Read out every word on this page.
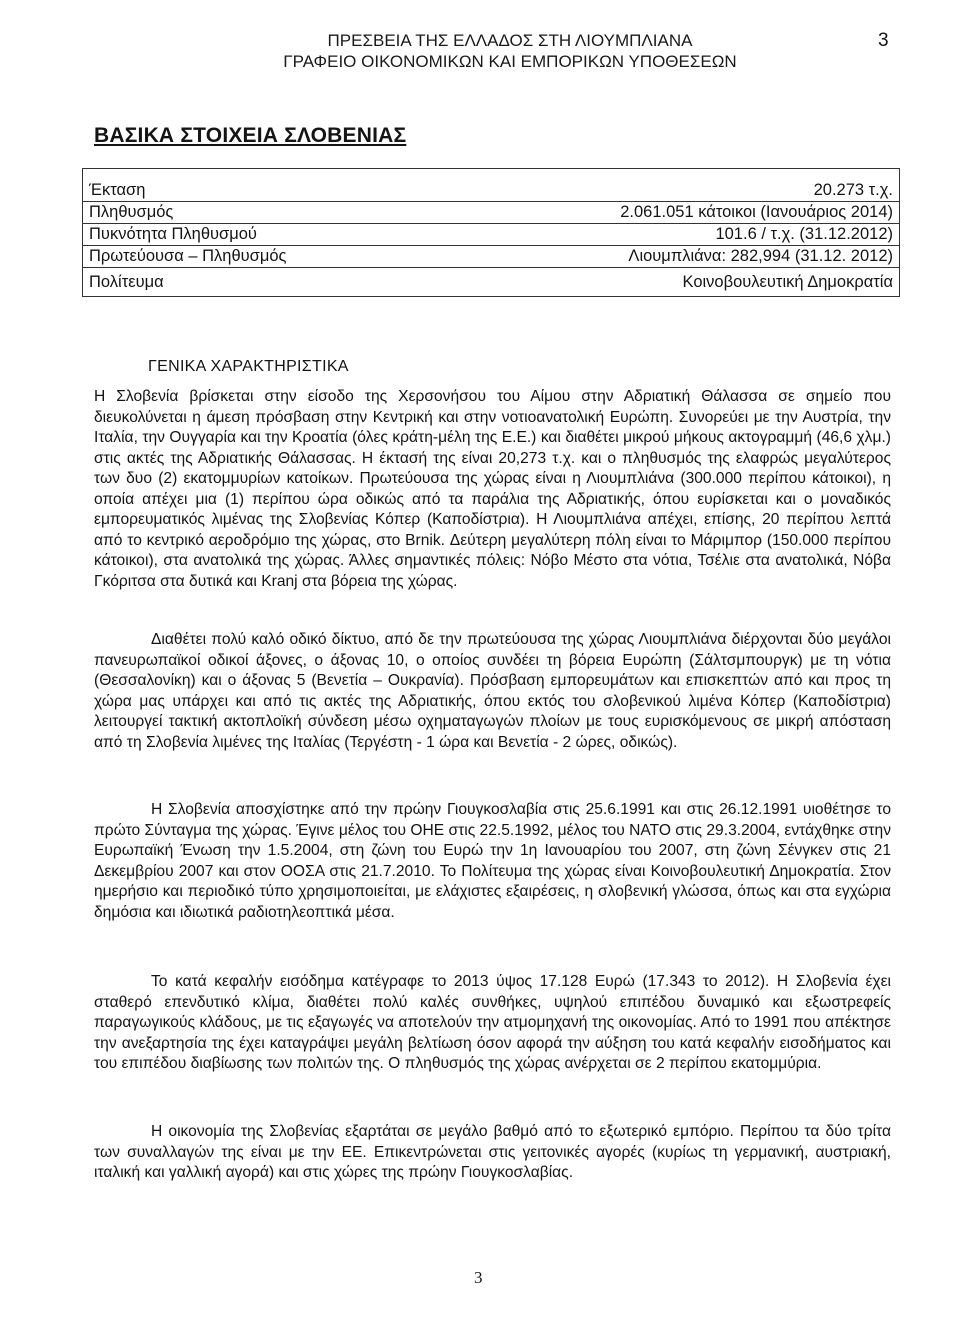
ΠΡΕΣΒΕΙΑ ΤΗΣ ΕΛΛΑΔΟΣ ΣΤΗ ΛΙΟΥΜΠΛΙΑΝΑ
ΓΡΑΦΕΙΟ ΟΙΚΟΝΟΜΙΚΩΝ ΚΑΙ ΕΜΠΟΡΙΚΩΝ ΥΠΟΘΕΣΕΩΝ
3
ΒΑΣΙΚΑ ΣΤΟΙΧΕΙΑ ΣΛΟΒΕΝΙΑΣ
Έκταση	20.273 τ.χ.
Πληθυσμός	2.061.051 κάτοικοι (Ιανουάριος 2014)
Πυκνότητα Πληθυσμού	101.6 / τ.χ. (31.12.2012)
Πρωτεύουσα – Πληθυσμός	Λιουμπλιάνα: 282,994 (31.12. 2012)
Πολίτευμα	Κοινοβουλευτική Δημοκρατία
ΓΕΝΙΚΑ ΧΑΡΑΚΤΗΡΙΣΤΙΚΑ

Η Σλοβενία βρίσκεται στην είσοδο της Χερσονήσου του Αίμου στην Αδριατική Θάλασσα σε σημείο που διευκολύνεται η άμεση πρόσβαση στην Κεντρική και στην νοτιοανατολική Ευρώπη. Συνορεύει με την Αυστρία, την Ιταλία, την Ουγγαρία και την Κροατία (όλες κράτη-μέλη της Ε.Ε.) και διαθέτει μικρού μήκους ακτογραμμή (46,6 χλμ.) στις ακτές της Αδριατικής Θάλασσας. Η έκτασή της είναι 20,273 τ.χ. και ο πληθυσμός της ελαφρώς μεγαλύτερος των δυο (2) εκατομμυρίων κατοίκων. Πρωτεύουσα της χώρας είναι η Λιουμπλιάνα (300.000 περίπου κάτοικοι), η οποία απέχει μια (1) περίπου ώρα οδικώς από τα παράλια της Αδριατικής, όπου ευρίσκεται και ο μοναδικός εμπορευματικός λιμένας της Σλοβενίας Κόπερ (Καποδίστρια). Η Λιουμπλιάνα απέχει, επίσης, 20 περίπου λεπτά από το κεντρικό αεροδρόμιο της χώρας, στο Brnik. Δεύτερη μεγαλύτερη πόλη είναι το Μάριμπορ (150.000 περίπου κάτοικοι), στα ανατολικά της χώρας. Άλλες σημαντικές πόλεις: Νόβο Μέστο στα νότια, Τσέλιε στα ανατολικά, Νόβα Γκόριτσα στα δυτικά και Kranj στα βόρεια της χώρας.

Διαθέτει πολύ καλό οδικό δίκτυο, από δε την πρωτεύουσα της χώρας Λιουμπλιάνα διέρχονται δύο μεγάλοι πανευρωπαϊκοί οδικοί άξονες, ο άξονας 10, ο οποίος συνδέει τη βόρεια Ευρώπη (Σάλτσμπουργκ) με τη νότια (Θεσσαλονίκη) και ο άξονας 5 (Βενετία – Ουκρανία). Πρόσβαση εμπορευμάτων και επισκεπτών από και προς τη χώρα μας υπάρχει και από τις ακτές της Αδριατικής, όπου εκτός του σλοβενικού λιμένα Κόπερ (Καποδίστρια) λειτουργεί τακτική ακτοπλοϊκή σύνδεση μέσω οχηματαγωγών πλοίων με τους ευρισκόμενους σε μικρή απόσταση από τη Σλοβενία λιμένες της Ιταλίας (Τεργέστη - 1 ώρα και Βενετία - 2 ώρες, οδικώς).

Η Σλοβενία αποσχίστηκε από την πρώην Γιουγκοσλαβία στις 25.6.1991 και στις 26.12.1991 υιοθέτησε το πρώτο Σύνταγμα της χώρας. Έγινε μέλος του ΟΗΕ στις 22.5.1992, μέλος του ΝΑΤΟ στις 29.3.2004, εντάχθηκε στην Ευρωπαϊκή Ένωση την 1.5.2004, στη ζώνη του Ευρώ την 1η Ιανουαρίου του 2007, στη ζώνη Σένγκεν στις 21 Δεκεμβρίου 2007 και στον ΟΟΣΑ στις 21.7.2010. Το Πολίτευμα της χώρας είναι Κοινοβουλευτική Δημοκρατία. Στον ημερήσιο και περιοδικό τύπο χρησιμοποιείται, με ελάχιστες εξαιρέσεις, η σλοβενική γλώσσα, όπως και στα εγχώρια δημόσια και ιδιωτικά ραδιοτηλεοπτικά μέσα.

Το κατά κεφαλήν εισόδημα κατέγραφε το 2013 ύψος 17.128 Ευρώ (17.343 το 2012). Η Σλοβενία έχει σταθερό επενδυτικό κλίμα, διαθέτει πολύ καλές συνθήκες, υψηλού επιπέδου δυναμικό και εξωστρεφείς παραγωγικούς κλάδους, με τις εξαγωγές να αποτελούν την ατμομηχανή της οικονομίας. Από το 1991 που απέκτησε την ανεξαρτησία της έχει καταγράψει μεγάλη βελτίωση όσον αφορά την αύξηση του κατά κεφαλήν εισοδήματος και του επιπέδου διαβίωσης των πολιτών της. Ο πληθυσμός της χώρας ανέρχεται σε 2 περίπου εκατομμύρια.

Η οικονομία της Σλοβενίας εξαρτάται σε μεγάλο βαθμό από το εξωτερικό εμπόριο. Περίπου τα δύο τρίτα των συναλλαγών της είναι με την ΕΕ. Επικεντρώνεται στις γειτονικές αγορές (κυρίως τη γερμανική, αυστριακή, ιταλική και γαλλική αγορά) και στις χώρες της πρώην Γιουγκοσλαβίας.

3
